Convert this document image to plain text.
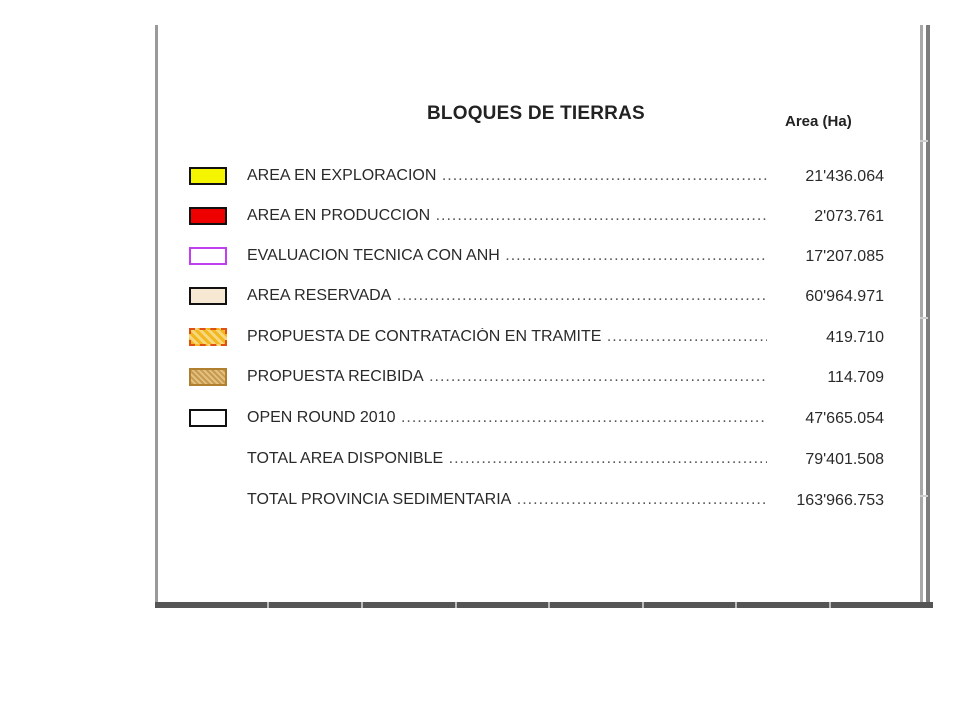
BLOQUES DE TIERRAS	Area (Ha)
AREA EN EXPLORACION .....	21'436.064
AREA EN PRODUCCION .....	2'073.761
EVALUACION TECNICA CON ANH .....	17'207.085
AREA RESERVADA .....	60'964.971
PROPUESTA DE CONTRATACIÓN EN TRAMITE .....	419.710
PROPUESTA RECIBIDA .....	114.709
OPEN ROUND 2010 .....	47'665.054
TOTAL AREA DISPONIBLE .....	79'401.508
TOTAL PROVINCIA SEDIMENTARIA .....	163'966.753
